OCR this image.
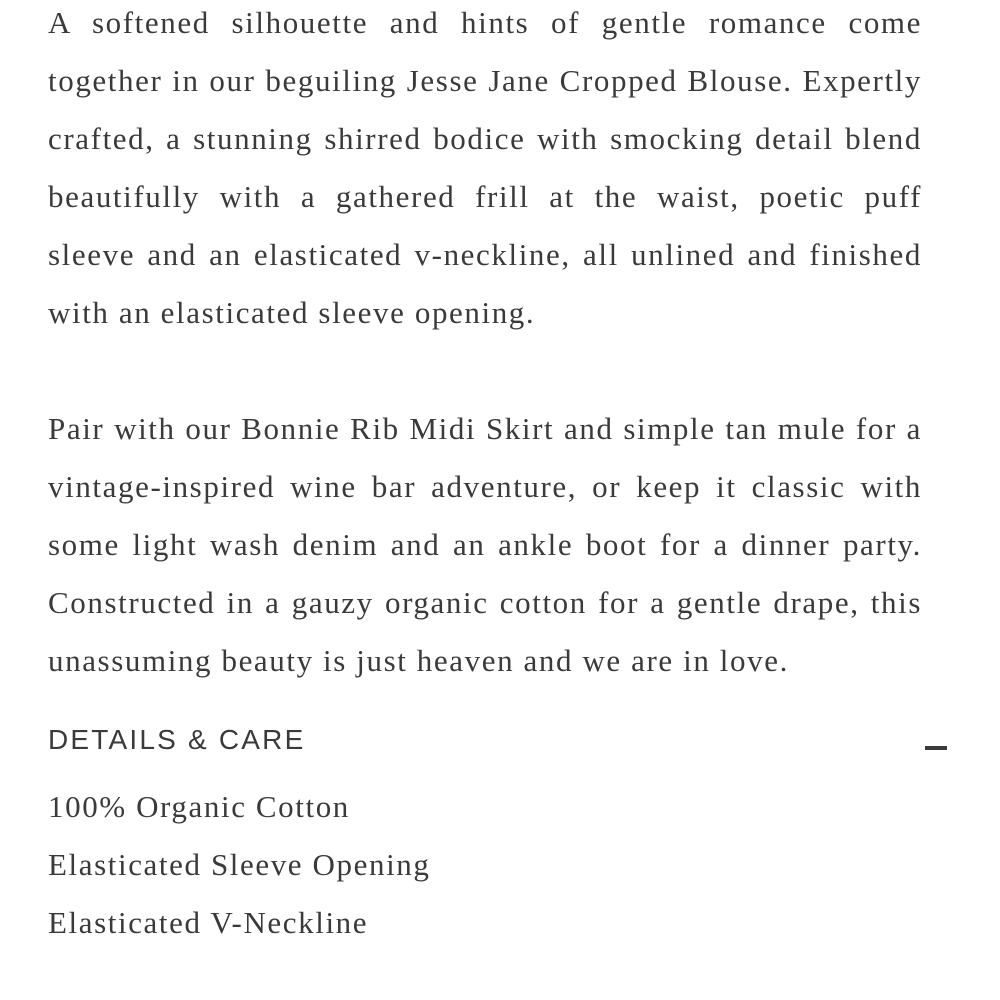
A softened silhouette and hints of gentle romance come together in our beguiling Jesse Jane Cropped Blouse. Expertly crafted, a stunning shirred bodice with smocking detail blend beautifully with a gathered frill at the waist, poetic puff sleeve and an elasticated v-neckline, all unlined and finished with an elasticated sleeve opening.

Pair with our Bonnie Rib Midi Skirt and simple tan mule for a vintage-inspired wine bar adventure, or keep it classic with some light wash denim and an ankle boot for a dinner party. Constructed in a gauzy organic cotton for a gentle drape, this unassuming beauty is just heaven and we are in love.

DETAILS & CARE
100% Organic Cotton
Elasticated Sleeve Opening
Elasticated V-Neckline
